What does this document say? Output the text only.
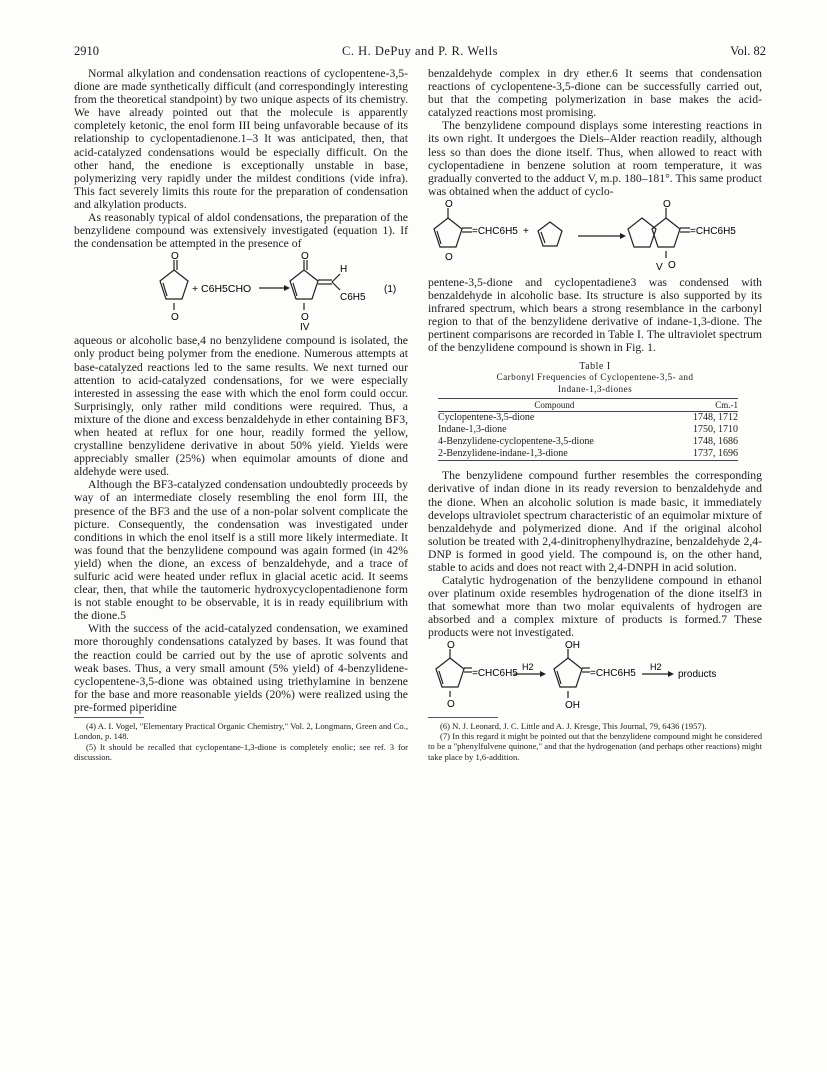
2910	C. H. DePuy and P. R. Wells	Vol. 82

Normal alkylation and condensation reactions of cyclopentene-3,5-dione are made synthetically difficult (and correspondingly interesting from the theoretical standpoint) by two unique aspects of its chemistry. We have already pointed out that the molecule is apparently completely ketonic, the enol form III being unfavorable because of its relationship to cyclopentadienone.1–3 It was anticipated, then, that acid-catalyzed condensations would be especially difficult. On the other hand, the enedione is exceptionally unstable in base, polymerizing very rapidly under the mildest conditions (vide infra). This fact severely limits this route for the preparation of condensation and alkylation products.

As reasonably typical of aldol condensations, the preparation of the benzylidene compound was extensively investigated (equation 1). If the condensation be attempted in the presence of

O
O
O
O
+ C6H5CHO
H
C6H5
(1)
IV

aqueous or alcoholic base,4 no benzylidene compound is isolated, the only product being polymer from the enedione. Numerous attempts at base-catalyzed reactions led to the same results. We next turned our attention to acid-catalyzed condensations, for we were especially interested in assessing the ease with which the enol form could occur. Surprisingly, only rather mild conditions were required. Thus, a mixture of the dione and excess benzaldehyde in ether containing BF3, when heated at reflux for one hour, readily formed the yellow, crystalline benzylidene derivative in about 50% yield. Yields were appreciably smaller (25%) when equimolar amounts of dione and aldehyde were used.

Although the BF3-catalyzed condensation undoubtedly proceeds by way of an intermediate closely resembling the enol form III, the presence of the BF3 and the use of a non-polar solvent complicate the picture. Consequently, the condensation was investigated under conditions in which the enol itself is a still more likely intermediate. It was found that the benzylidene compound was again formed (in 42% yield) when the dione, an excess of benzaldehyde, and a trace of sulfuric acid were heated under reflux in glacial acetic acid. It seems clear, then, that while the tautomeric hydroxycyclopentadienone form is not stable enought to be observable, it is in ready equilibrium with the dione.5

With the success of the acid-catalyzed condensation, we examined more thoroughly condensations catalyzed by bases. It was found that the reaction could be carried out by the use of aprotic solvents and weak bases. Thus, a very small amount (5% yield) of 4-benzylidene-cyclopentene-3,5-dione was obtained using triethylamine in benzene for the base and more reasonable yields (20%) were realized using the pre-formed piperidine

(4) A. I. Vogel, "Elementary Practical Organic Chemistry," Vol. 2, Longmans, Green and Co., London, p. 148.

(5) It should be recalled that cyclopentane-1,3-dione is completely enolic; see ref. 3 for discussion.

benzaldehyde complex in dry ether.6 It seems that condensation reactions of cyclopentene-3,5-dione can be successfully carried out, but that the competing polymerization in base makes the acid-catalyzed reactions most promising.

The benzylidene compound displays some interesting reactions in its own right. It undergoes the Diels–Alder reaction readily, although less so than does the dione itself. Thus, when allowed to react with cyclopentadiene in benzene solution at room temperature, it was gradually converted to the adduct V, m.p. 180–181°. This same product was obtained when the adduct of cyclo-

O
O
O
O
=CHC6H5 +	=CHC6H5
V

pentene-3,5-dione and cyclopentadiene3 was condensed with benzaldehyde in alcoholic base. Its structure is also supported by its infrared spectrum, which bears a strong resemblance in the carbonyl region to that of the benzylidene derivative of indane-1,3-dione. The pertinent comparisons are recorded in Table I. The ultraviolet spectrum of the benzylidene compound is shown in Fig. 1.

Table I
Carbonyl Frequencies of Cyclopentene-3,5- and
Indane-1,3-diones
Compound	Cm.-1
Cyclopentene-3,5-dione	1748, 1712
Indane-1,3-dione	1750, 1710
4-Benzylidene-cyclopentene-3,5-dione	1748, 1686
2-Benzylidene-indane-1,3-dione	1737, 1696

The benzylidene compound further resembles the corresponding derivative of indan dione in its ready reversion to benzaldehyde and the dione. When an alcoholic solution is made basic, it immediately develops ultraviolet spectrum characteristic of an equimolar mixture of benzaldehyde and polymerized dione. And if the original alcohol solution be treated with 2,4-dinitrophenylhydrazine, benzaldehyde 2,4-DNP is formed in good yield. The compound is, on the other hand, stable to acids and does not react with 2,4-DNPH in acid solution.

Catalytic hydrogenation of the benzylidene compound in ethanol over platinum oxide resembles hydrogenation of the dione itself3 in that somewhat more than two molar equivalents of hydrogen are absorbed and a complex mixture of products is formed.7 These products were not investigated.

O
O
OH
OH
=CHC6H5
H2
=CHC6H5
H2
products

(6) N. J. Leonard, J. C. Little and A. J. Kresge, This Journal, 79, 6436 (1957).

(7) In this regard it might be pointed out that the benzylidene compound might be considered to be a "phenylfulvene quinone," and that the hydrogenation (and perhaps other reactions) might take place by 1,6-addition.
